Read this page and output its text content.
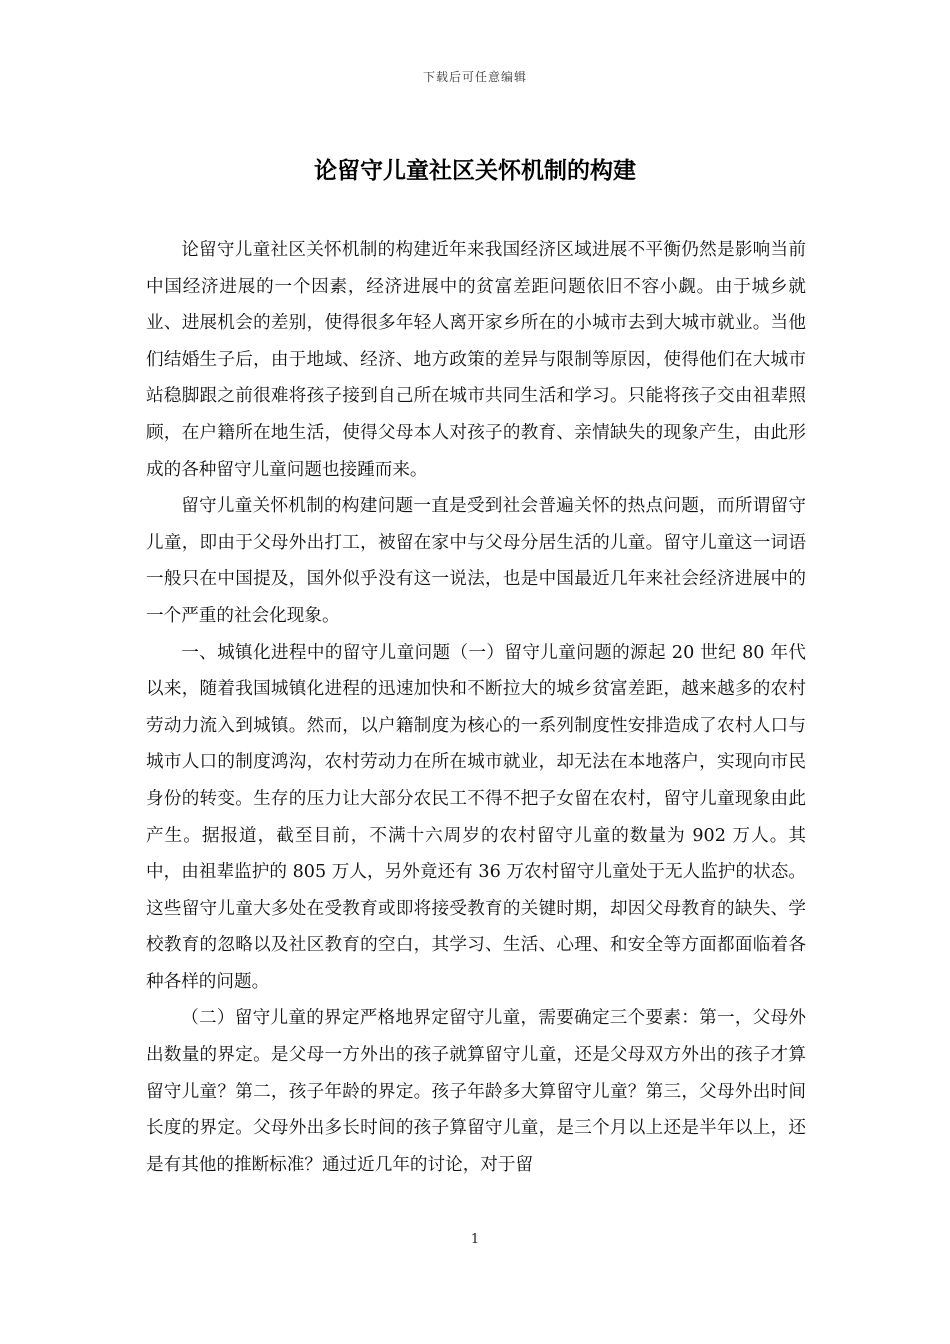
下载后可任意编辑
论留守儿童社区关怀机制的构建

论留守儿童社区关怀机制的构建近年来我国经济区域进展不平衡仍然是影响当前中国经济进展的一个因素，经济进展中的贫富差距问题依旧不容小觑。由于城乡就业、进展机会的差别，使得很多年轻人离开家乡所在的小城市去到大城市就业。当他们结婚生子后，由于地域、经济、地方政策的差异与限制等原因，使得他们在大城市站稳脚跟之前很难将孩子接到自己所在城市共同生活和学习。只能将孩子交由祖辈照顾，在户籍所在地生活，使得父母本人对孩子的教育、亲情缺失的现象产生，由此形成的各种留守儿童问题也接踵而来。

留守儿童关怀机制的构建问题一直是受到社会普遍关怀的热点问题，而所谓留守儿童，即由于父母外出打工，被留在家中与父母分居生活的儿童。留守儿童这一词语一般只在中国提及，国外似乎没有这一说法，也是中国最近几年来社会经济进展中的一个严重的社会化现象。

一、城镇化进程中的留守儿童问题（一）留守儿童问题的源起 20 世纪 80 年代以来，随着我国城镇化进程的迅速加快和不断拉大的城乡贫富差距，越来越多的农村劳动力流入到城镇。然而，以户籍制度为核心的一系列制度性安排造成了农村人口与城市人口的制度鸿沟，农村劳动力在所在城市就业，却无法在本地落户，实现向市民身份的转变。生存的压力让大部分农民工不得不把子女留在农村，留守儿童现象由此产生。据报道，截至目前，不满十六周岁的农村留守儿童的数量为 902 万人。其中，由祖辈监护的 805 万人，另外竟还有 36 万农村留守儿童处于无人监护的状态。这些留守儿童大多处在受教育或即将接受教育的关键时期，却因父母教育的缺失、学校教育的忽略以及社区教育的空白，其学习、生活、心理、和安全等方面都面临着各种各样的问题。

（二）留守儿童的界定严格地界定留守儿童，需要确定三个要素：第一，父母外出数量的界定。是父母一方外出的孩子就算留守儿童，还是父母双方外出的孩子才算留守儿童？第二，孩子年龄的界定。孩子年龄多大算留守儿童？第三，父母外出时间长度的界定。父母外出多长时间的孩子算留守儿童，是三个月以上还是半年以上，还是有其他的推断标准？通过近几年的讨论，对于留

1
